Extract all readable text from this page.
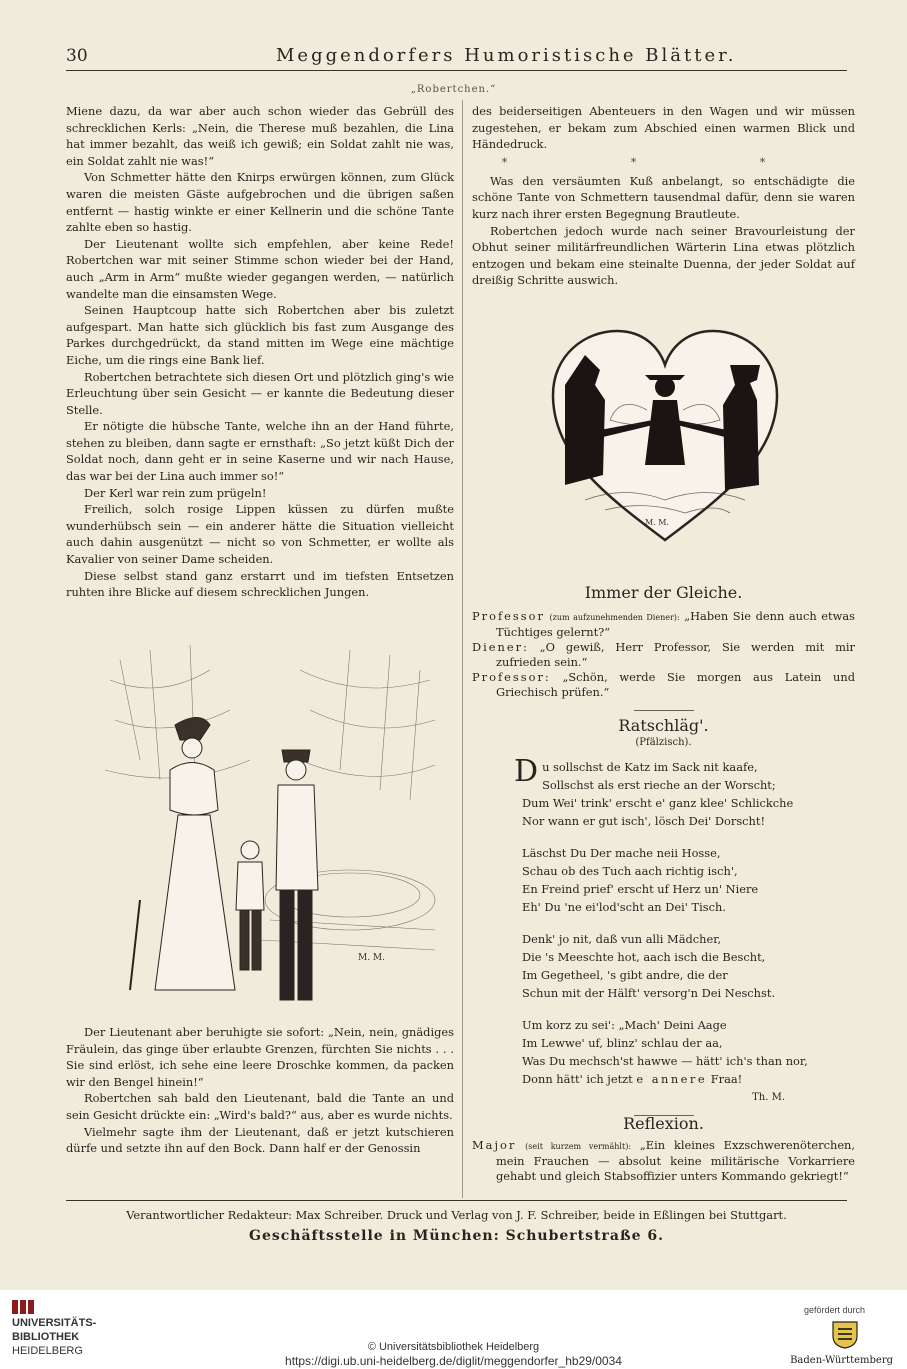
30	Meggendorfers Humoristische Blätter.
„Robertchen.“

Miene dazu, da war aber auch schon wieder das Gebrüll des schrecklichen Kerls: „Nein, die Therese muß bezahlen, die Lina hat immer bezahlt, das weiß ich gewiß; ein Soldat zahlt nie was, ein Soldat zahlt nie was!“

Von Schmetter hätte den Knirps erwürgen können, zum Glück waren die meisten Gäste aufgebrochen und die übrigen saßen entfernt — hastig winkte er einer Kellnerin und die schöne Tante zahlte eben so hastig.

Der Lieutenant wollte sich empfehlen, aber keine Rede! Robertchen war mit seiner Stimme schon wieder bei der Hand, auch „Arm in Arm“ mußte wieder gegangen werden, — natürlich wandelte man die einsamsten Wege.

Seinen Hauptcoup hatte sich Robertchen aber bis zuletzt aufgespart. Man hatte sich glücklich bis fast zum Ausgange des Parkes durchgedrückt, da stand mitten im Wege eine mächtige Eiche, um die rings eine Bank lief.

Robertchen betrachtete sich diesen Ort und plötzlich ging's wie Erleuchtung über sein Gesicht — er kannte die Bedeutung dieser Stelle.

Er nötigte die hübsche Tante, welche ihn an der Hand führte, stehen zu bleiben, dann sagte er ernsthaft: „So jetzt küßt Dich der Soldat noch, dann geht er in seine Kaserne und wir nach Hause, das war bei der Lina auch immer so!“

Der Kerl war rein zum prügeln!

Freilich, solch rosige Lippen küssen zu dürfen mußte wunderhübsch sein — ein anderer hätte die Situation vielleicht auch dahin ausgenützt — nicht so von Schmetter, er wollte als Kavalier von seiner Dame scheiden.

Diese selbst stand ganz erstarrt und im tiefsten Entsetzen ruhten ihre Blicke auf diesem schrecklichen Jungen.

M. M.

Der Lieutenant aber beruhigte sie sofort: „Nein, nein, gnädiges Fräulein, das ginge über erlaubte Grenzen, fürchten Sie nichts . . . Sie sind erlöst, ich sehe eine leere Droschke kommen, da packen wir den Bengel hinein!“

Robertchen sah bald den Lieutenant, bald die Tante an und sein Gesicht drückte ein: „Wird's bald?“ aus, aber es wurde nichts.

Vielmehr sagte ihm der Lieutenant, daß er jetzt kutschieren dürfe und setzte ihn auf den Bock. Dann half er der Genossin

des beiderseitigen Abenteuers in den Wagen und wir müssen zugestehen, er bekam zum Abschied einen warmen Blick und Händedruck.

* * *

Was den versäumten Kuß anbelangt, so entschädigte die schöne Tante von Schmettern tausendmal dafür, denn sie waren kurz nach ihrer ersten Begegnung Brautleute.

Robertchen jedoch wurde nach seiner Bravourleistung der Obhut seiner militärfreundlichen Wärterin Lina etwas plötzlich entzogen und bekam eine steinalte Duenna, der jeder Soldat auf dreißig Schritte auswich.

M. M.
Immer der Gleiche.

Professor (zum aufzunehmenden Diener): „Haben Sie denn auch etwas Tüchtiges gelernt?“

Diener: „O gewiß, Herr Professor, Sie werden mit mir zufrieden sein.“

Professor: „Schön, werde Sie morgen aus Latein und Griechisch prüfen.“

Ratschläg'.
(Pfälzisch).
Du sollschst de Katz im Sack nit kaafe,
Sollschst als erst rieche an der Worscht;
Dum Wei' trink' erscht e' ganz klee' Schlickche
Nor wann er gut isch', lösch Dei' Dorscht!
Läschst Du Der mache neii Hosse,
Schau ob des Tuch aach richtig isch',
En Freind prief' erscht uf Herz un' Niere
Eh' Du 'ne ei'lod'scht an Dei' Tisch.
Denk' jo nit, daß vun alli Mädcher,
Die 's Meeschte hot, aach isch die Bescht,
Im Gegetheel, 's gibt andre, die der
Schun mit der Hälft' versorg'n Dei Neschst.
Um korz zu sei': „Mach' Deini Aage
Im Lewwe' uf, blinz' schlau der aa,
Was Du mechsch'st hawwe — hätt' ich's than nor,
Donn hätt' ich jetzt e annere Fraa!
Th. M.
Reflexion.

Major (seit kurzem vermählt): „Ein kleines Exzschwerenöterchen, mein Frauchen — absolut keine militärische Vorkarriere gehabt und gleich Stabsoffizier unters Kommando gekriegt!“

Verantwortlicher Redakteur: Max Schreiber. Druck und Verlag von J. F. Schreiber, beide in Eßlingen bei Stuttgart.
Geschäftsstelle in München: Schubertstraße 6.
UNIVERSITÄTS-
BIBLIOTHEK
HEIDELBERG	© Universitätsbibliothek Heidelberg
https://digi.ub.uni-heidelberg.de/diglit/meggendorfer_hb29/0034
gefördert durch
Baden-Württemberg
